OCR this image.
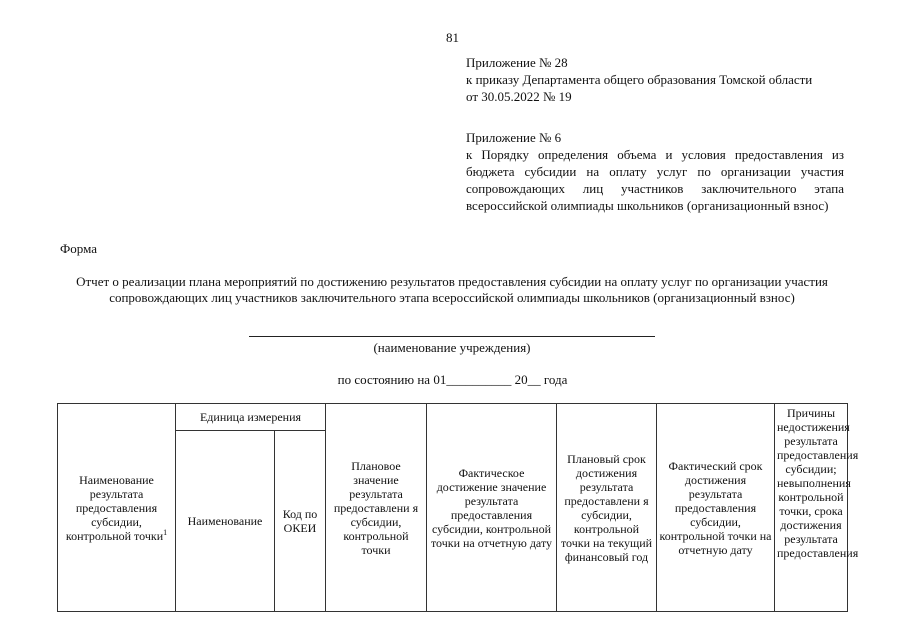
81
Приложение № 28
к приказу Департамента общего образования Томской области
от 30.05.2022 № 19
Приложение № 6
к Порядку определения объема и условия предоставления из бюджета субсидии на оплату услуг по организации участия сопровождающих лиц участников заключительного этапа всероссийской олимпиады школьников (организационный взнос)
Форма
Отчет о реализации плана мероприятий по достижению результатов предоставления субсидии на оплату услуг по организации участия сопровождающих лиц участников заключительного этапа всероссийской олимпиады школьников (организационный взнос)
(наименование учреждения)
по состоянию на 01__________ 20__ года
Наименование результата предоставления субсидии, контрольной точки$^1$	Единица измерения		Плановое значение результата предоставлени я субсидии, контрольной точки	Фактическое достижение значение результата предоставления субсидии, контрольной точки на отчетную дату	Плановый срок достижения результата предоставлени я субсидии, контрольной точки на текущий финансовый год	Фактический срок достижения результата предоставления субсидии, контрольной точки на отчетную дату	Причины недостижения результата предоставления субсидии; невыполнения контрольной точки, срока достижения результата предоставления
	Наименование	Код по ОКЕИ					
